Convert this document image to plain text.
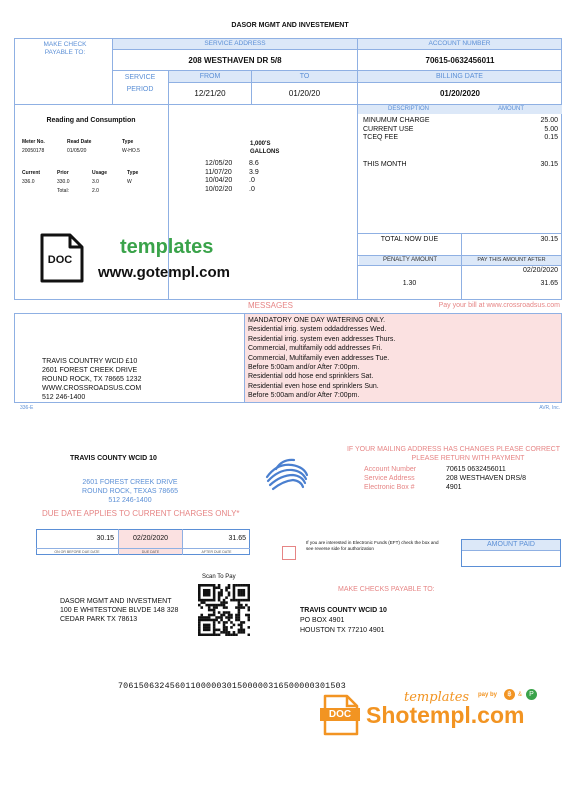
DASOR MGMT AND INVESTEMENT
MAKE CHECK PAYABLE TO:
SERVICE ADDRESS
208 WESTHAVEN DR 5/8
ACCOUNT NUMBER
70615-0632456011
SERVICE PERIOD
FROM	TO
12/21/20	01/20/20
BILLING DATE
01/20/2020
Reading and Consumption
Meter No.	Read Date	Type
20050178	01/05/20	W-HO.5
Current	Prior	Usage	Type
336.0	330.0	3.0	W
Total:	2.0
1,000'S
GALLONS
12/05/20	8.6
11/07/20	3.9
10/04/20	.0
10/02/20	.0
DESCRIPTION	AMOUNT
MINUMUM CHARGE	25.00
CURRENT USE	5.00
TCEQ FEE	0.15
THIS MONTH	30.15
TOTAL NOW DUE	30.15
PENALTY AMOUNT	PAY THIS AMOUNT AFTER
02/20/2020
1.30	31.65
DOC
templates
www.gotempl.com
MESSAGES	Pay your bill at www.crossroadsus.com
MANDATORY ONE DAY WATERING ONLY.
Residential irrig. system oddaddresses Wed.
Residential irrig. system even addresses Thurs.
Commercial, multifamily odd addresses Fri.
Commercial, Multifamily even addresses Tue.
Before 5:00am and/or After 7:00pm.
Residential odd hose end sprinklers Sat.
Residential even hose end sprinklers Sun.
Before 5:00am and/or After 7:00pm.
TRAVIS COUNTRY WCID £10
2601 FOREST CREEK DRIVE
ROUND ROCK, TX 78665 1232
WWW.CROSSROADSUS.COM
512 246-1400
336-E	AVR, Inc.
TRAVIS COUNTY WCID 10
2601 FOREST CREEK DRIVE
ROUND ROCK, TEXAS 78665
512 246-1400
IF YOUR MAILING ADDRESS HAS CHANGES PLEASE CORRECT
PLEASE RETURN WITH PAYMENT
Account Number	70615 0632456011
Service Address	208 WESTHAVEN DRS/8
Electronic Box #	4901
DUE DATE APPLIES TO CURRENT CHARGES ONLY*
30.15	02/20/2020	31.65
ON OR BEFORE DUE DATE	DUE DATE	AFTER DUE DATE
If you are interested in Electronic Funds (EFT) check the box and see reverse side for authorization
AMOUNT PAID
Scan To Pay
DASOR MGMT AND INVESTMENT
100 E WHITESTONE BLVDE 148 328
CEDAR PARK TX 78613
MAKE CHECKS PAYABLE TO:
TRAVIS COUNTY WCID 10
PO BOX 4901
HOUSTON TX 77210 4901
70615063245601100000301500000316500000301503
templates pay by	฿	&	P
DOC Shotempl.com
